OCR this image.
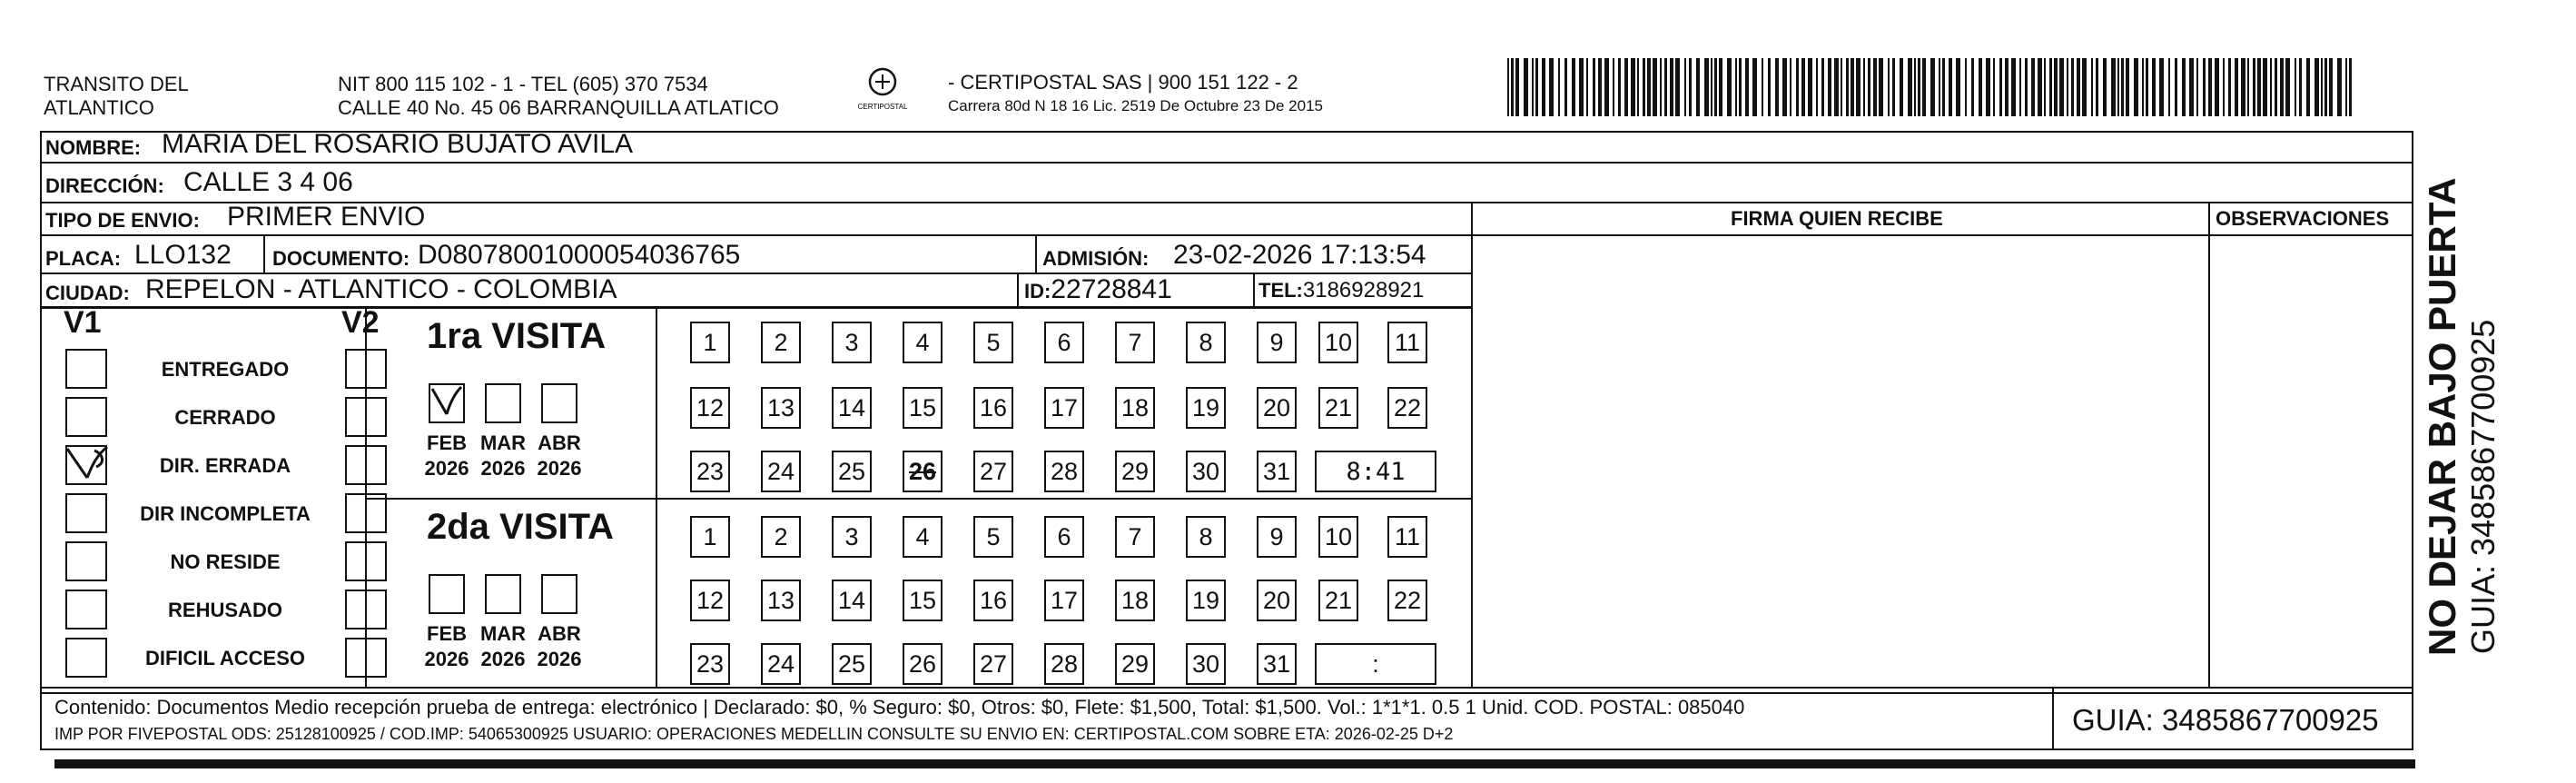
TRANSITO DEL
ATLANTICO
NIT 800 115 102 - 1 - TEL (605) 370 7534
CALLE 40 No. 45 06 BARRANQUILLA ATLATICO	CERTIPOSTAL
- CERTIPOSTAL SAS | 900 151 122 - 2
Carrera 80d N 18 16 Lic. 2519 De Octubre 23 De 2015
NOMBRE: MARIA DEL ROSARIO BUJATO AVILA
DIRECCIÓN: CALLE 3 4 06
TIPO DE ENVIO: PRIMER ENVIO
PLACA: LLO132 DOCUMENTO: D08078001000054036765	ADMISIÓN: 23-02-2026 17:13:54
CIUDAD: REPELON - ATLANTICO - COLOMBIA	ID:22728841	TEL:3186928921
FIRMA QUIEN RECIBE	OBSERVACIONES
V1	V2
ENTREGADO
CERRADO
DIR. ERRADA
DIR INCOMPLETA
NO RESIDE
REHUSADO
DIFICIL ACCESO
1ra VISITA
2da VISITA
FEB
2026
MAR
2026
ABR
2026
FEB
2026
MAR
2026
ABR
2026
1	2	3	4	5	6	7	8	9	10 11
12 13 14 15 16 17 18 19 20 21 22
23 24 25 26 27 28 29 30 31	8:41
1	2	3	4	5	6	7	8	9	10 11
12 13 14 15 16 17 18 19 20 21 22
23 24 25 26 27 28 29 30 31	:
Contenido: Documentos Medio recepción prueba de entrega: electrónico | Declarado: $0, % Seguro: $0, Otros: $0, Flete: $1,500, Total: $1,500. Vol.: 1*1*1. 0.5 1 Unid. COD. POSTAL: 085040
IMP POR FIVEPOSTAL ODS: 25128100925 / COD.IMP: 54065300925 USUARIO: OPERACIONES MEDELLIN CONSULTE SU ENVIO EN: CERTIPOSTAL.COM SOBRE ETA: 2026-02-25 D+2	GUIA: 3485867700925
NO DEJAR BAJO PUERTA GUIA: 3485867700925
